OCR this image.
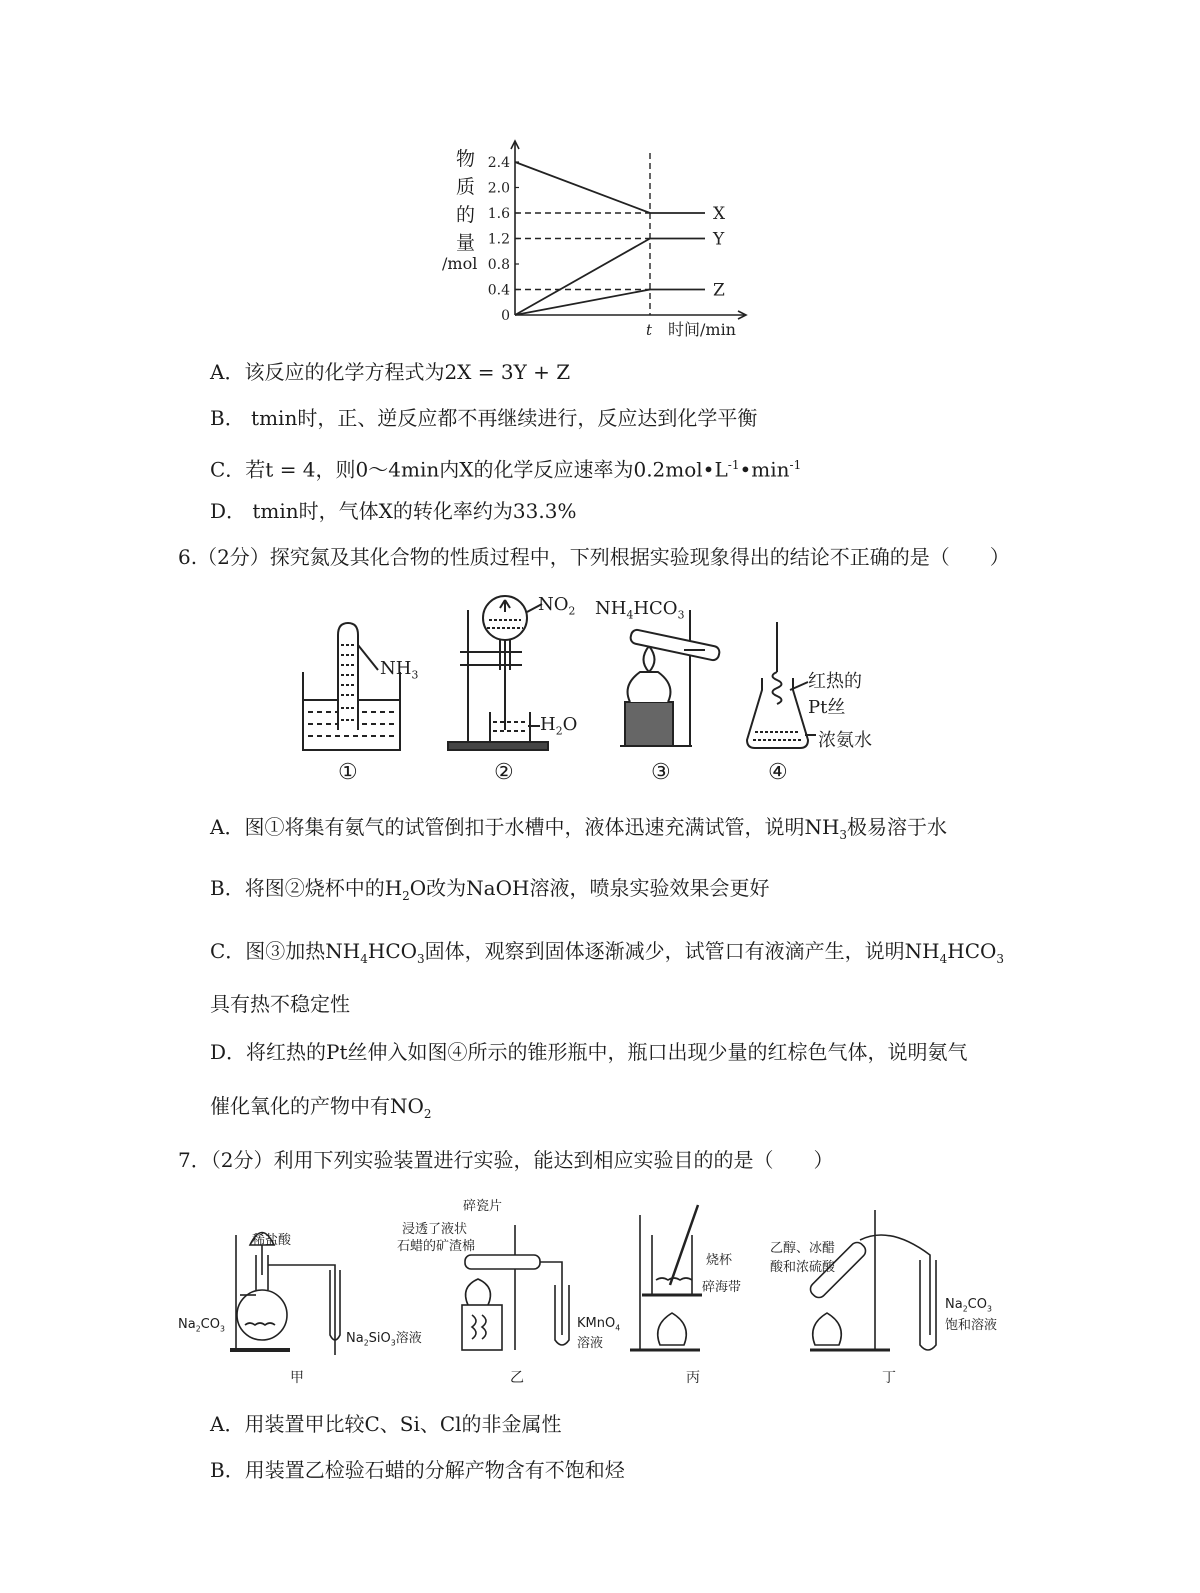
物
质
的
量
/mol
2.4
2.0
1.6
1.2
0.8
0.4
0
t 时间/min
X
Y
Z
A．该反应的化学方程式为2X = 3Y + Z
B． tmin时，正、逆反应都不再继续进行，反应达到化学平衡
C．若t = 4，则0～4min内X的化学反应速率为$0.2mol•L^{-1}•\min^{-1}$
D． tmin时，气体X的转化率约为33.3%
6.（2分）探究氮及其化合物的性质过程中，下列根据实验现象得出的结论不正确的是（　　）
$NH_3$
$NO_2$
$H_2O$
$NH_4HCO_3$
红热的
Pt丝
浓氨水
①	②	③	④
A．图①将集有氨气的试管倒扣于水槽中，液体迅速充满试管，说明$NH_3$极易溶于水
B．将图②烧杯中的$H_2O$改为NaOH溶液，喷泉实验效果会更好
C．图③加热$NH_4HCO_3$固体，观察到固体逐渐减少，试管口有液滴产生，说明$NH_4HCO_3$
具有热不稳定性
D．将红热的Pt丝伸入如图④所示的锥形瓶中，瓶口出现少量的红棕色气体，说明氨气
催化氧化的产物中有$NO_2$
7．（2分）利用下列实验装置进行实验，能达到相应实验目的的是（　　）
稀盐酸
$Na_2CO_3$
$Na_2SiO_3$溶液
碎瓷片
浸透了液状
石蜡的矿渣棉
KMnO$_4$
溶液
烧杯
碎海带
乙醇、冰醋
酸和浓硫酸
$Na_2CO_3$
饱和溶液
甲	乙	丙	丁
A．用装置甲比较C、Si、Cl的非金属性
B．用装置乙检验石蜡的分解产物含有不饱和烃
